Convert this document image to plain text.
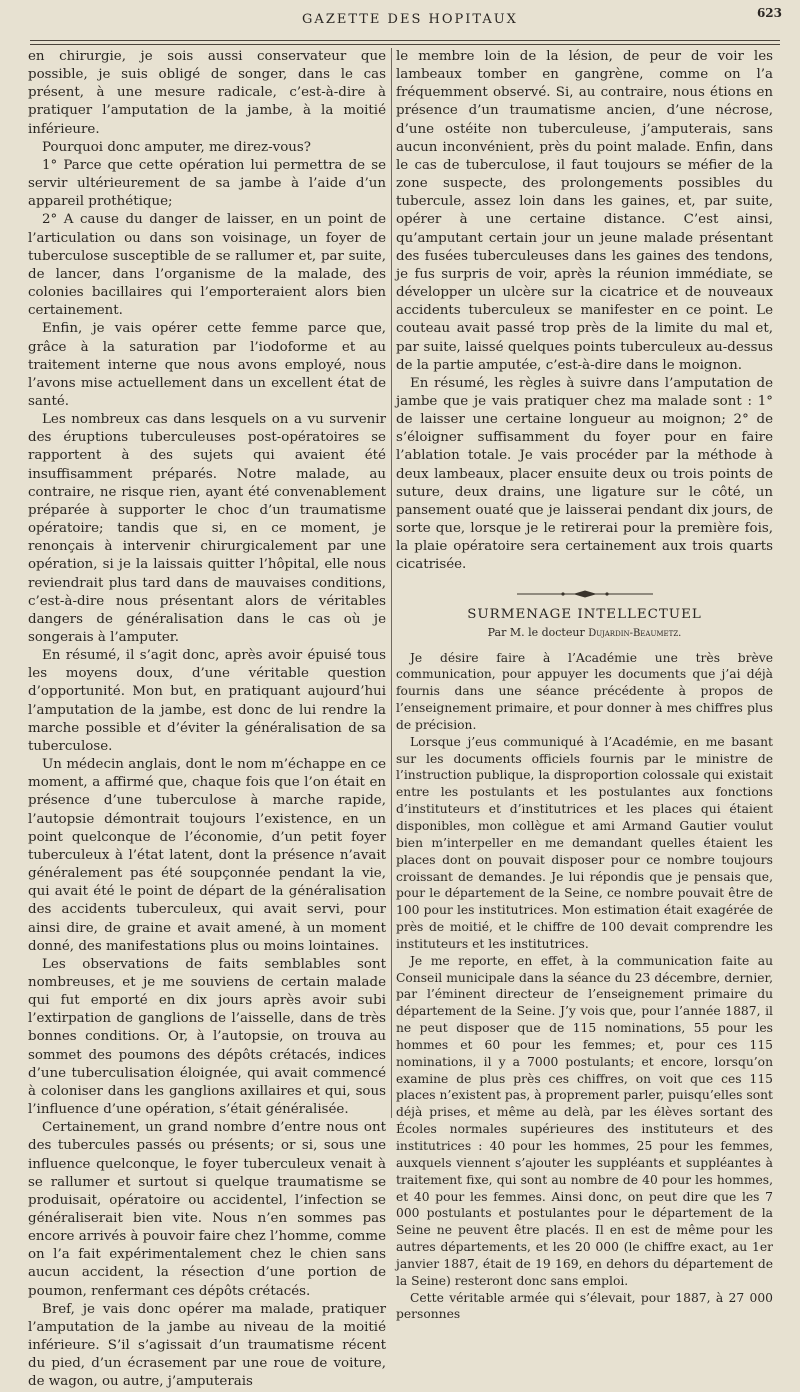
GAZETTE DES HOPITAUX	623

en chirurgie, je sois aussi conservateur que possible, je suis obligé de songer, dans le cas présent, à une mesure radicale, c’est-à-dire à pratiquer l’amputation de la jambe, à la moitié inférieure.

Pourquoi donc amputer, me direz-vous?

1° Parce que cette opération lui permettra de se servir ultérieurement de sa jambe à l’aide d’un appareil prothétique;

2° A cause du danger de laisser, en un point de l’articulation ou dans son voisinage, un foyer de tuberculose susceptible de se rallumer et, par suite, de lancer, dans l’organisme de la malade, des colonies bacillaires qui l’emporteraient alors bien certainement.

Enfin, je vais opérer cette femme parce que, grâce à la saturation par l’iodoforme et au traitement interne que nous avons employé, nous l’avons mise actuellement dans un excellent état de santé.

Les nombreux cas dans lesquels on a vu survenir des éruptions tuberculeuses post-opératoires se rapportent à des sujets qui avaient été insuffisamment préparés. Notre malade, au contraire, ne risque rien, ayant été convenablement préparée à supporter le choc d’un traumatisme opératoire; tandis que si, en ce moment, je renonçais à intervenir chirurgicalement par une opération, si je la laissais quitter l’hôpital, elle nous reviendrait plus tard dans de mauvaises conditions, c’est-à-dire nous présentant alors de véritables dangers de généralisation dans le cas où je songerais à l’amputer.

En résumé, il s’agit donc, après avoir épuisé tous les moyens doux, d’une véritable question d’opportunité. Mon but, en pratiquant aujourd’hui l’amputation de la jambe, est donc de lui rendre la marche possible et d’éviter la généralisation de sa tuberculose.

Un médecin anglais, dont le nom m’échappe en ce moment, a affirmé que, chaque fois que l’on était en présence d’une tuberculose à marche rapide, l’autopsie démontrait toujours l’existence, en un point quelconque de l’économie, d’un petit foyer tuberculeux à l’état latent, dont la présence n’avait généralement pas été soupçonnée pendant la vie, qui avait été le point de départ de la généralisation des accidents tuberculeux, qui avait servi, pour ainsi dire, de graine et avait amené, à un moment donné, des manifestations plus ou moins lointaines.

Les observations de faits semblables sont nombreuses, et je me souviens de certain malade qui fut emporté en dix jours après avoir subi l’extirpation de ganglions de l’aisselle, dans de très bonnes conditions. Or, à l’autopsie, on trouva au sommet des poumons des dépôts crétacés, indices d’une tuberculisation éloignée, qui avait commencé à coloniser dans les ganglions axillaires et qui, sous l’influence d’une opération, s’était généralisée.

Certainement, un grand nombre d’entre nous ont des tubercules passés ou présents; or si, sous une influence quelconque, le foyer tuberculeux venait à se rallumer et surtout si quelque traumatisme se produisait, opératoire ou accidentel, l’infection se généraliserait bien vite. Nous n’en sommes pas encore arrivés à pouvoir faire chez l’homme, comme on l’a fait expérimentalement chez le chien sans aucun accident, la résection d’une portion de poumon, renfermant ces dépôts crétacés.

Bref, je vais donc opérer ma malade, pratiquer l’amputation de la jambe au niveau de la moitié inférieure. S’il s’agissait d’un traumatisme récent du pied, d’un écrasement par une roue de voiture, de wagon, ou autre, j’amputerais

le membre loin de la lésion, de peur de voir les lambeaux tomber en gangrène, comme on l’a fréquemment observé. Si, au contraire, nous étions en présence d’un traumatisme ancien, d’une nécrose, d’une ostéite non tuberculeuse, j’amputerais, sans aucun inconvénient, près du point malade. Enfin, dans le cas de tuberculose, il faut toujours se méfier de la zone suspecte, des prolongements possibles du tubercule, assez loin dans les gaines, et, par suite, opérer à une certaine distance. C’est ainsi, qu’amputant certain jour un jeune malade présentant des fusées tuberculeuses dans les gaines des tendons, je fus surpris de voir, après la réunion immédiate, se développer un ulcère sur la cicatrice et de nouveaux accidents tuberculeux se manifester en ce point. Le couteau avait passé trop près de la limite du mal et, par suite, laissé quelques points tuberculeux au-dessus de la partie amputée, c’est-à-dire dans le moignon.

En résumé, les règles à suivre dans l’amputation de jambe que je vais pratiquer chez ma malade sont : 1° de laisser une certaine longueur au moignon; 2° de s’éloigner suffisamment du foyer pour en faire l’ablation totale. Je vais procéder par la méthode à deux lambeaux, placer ensuite deux ou trois points de suture, deux drains, une ligature sur le côté, un pansement ouaté que je laisserai pendant dix jours, de sorte que, lorsque je le retirerai pour la première fois, la plaie opératoire sera certainement aux trois quarts cicatrisée.

SURMENAGE INTELLECTUEL
Par M. le docteur Dujardin-Beaumetz.

Je désire faire à l’Académie une très brève communication, pour appuyer les documents que j’ai déjà fournis dans une séance précédente à propos de l’enseignement primaire, et pour donner à mes chiffres plus de précision.

Lorsque j’eus communiqué à l’Académie, en me basant sur les documents officiels fournis par le ministre de l’instruction publique, la disproportion colossale qui existait entre les postulants et les postulantes aux fonctions d’instituteurs et d’institutrices et les places qui étaient disponibles, mon collègue et ami Armand Gautier voulut bien m’interpeller en me demandant quelles étaient les places dont on pouvait disposer pour ce nombre toujours croissant de demandes. Je lui répondis que je pensais que, pour le département de la Seine, ce nombre pouvait être de 100 pour les institutrices. Mon estimation était exagérée de près de moitié, et le chiffre de 100 devait comprendre les instituteurs et les institutrices.

Je me reporte, en effet, à la communication faite au Conseil municipale dans la séance du 23 décembre, dernier, par l’éminent directeur de l’enseignement primaire du département de la Seine. J’y vois que, pour l’année 1887, il ne peut disposer que de 115 nominations, 55 pour les hommes et 60 pour les femmes; et, pour ces 115 nominations, il y a 7000 postulants; et encore, lorsqu’on examine de plus près ces chiffres, on voit que ces 115 places n’existent pas, à proprement parler, puisqu’elles sont déjà prises, et même au delà, par les élèves sortant des Écoles normales supérieures des instituteurs et des institutrices : 40 pour les hommes, 25 pour les femmes, auxquels viennent s’ajouter les suppléants et suppléantes à traitement fixe, qui sont au nombre de 40 pour les hommes, et 40 pour les femmes. Ainsi donc, on peut dire que les 7 000 postulants et postulantes pour le département de la Seine ne peuvent être placés. Il en est de même pour les autres départements, et les 20 000 (le chiffre exact, au 1er janvier 1887, était de 19 169, en dehors du département de la Seine) resteront donc sans emploi.

Cette véritable armée qui s’élevait, pour 1887, à 27 000 personnes
